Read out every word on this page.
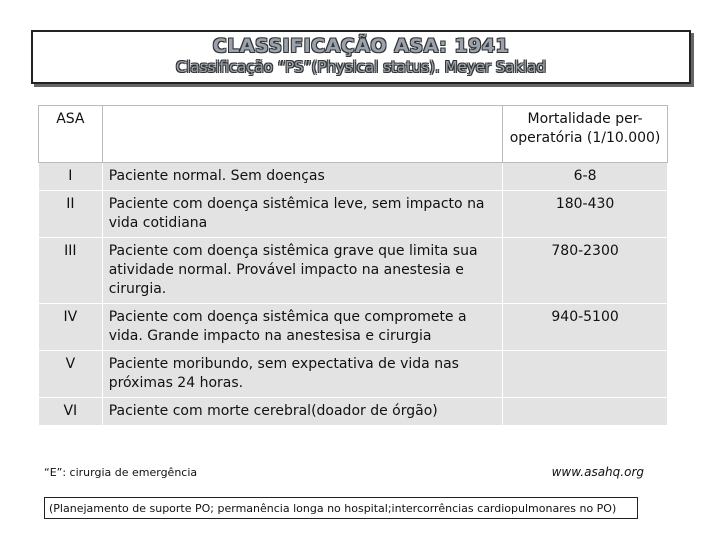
CLASSIFICAÇÃO ASA: 1941
Classificação “PS”(Physical status). Meyer Saklad
ASA		Mortalidade per-operatória (1/10.000)
I	Paciente normal. Sem doenças	6-8
II	Paciente com doença sistêmica leve, sem impacto na vida cotidiana	180-430
III	Paciente com doença sistêmica grave que limita sua atividade normal. Provável impacto na anestesia e cirurgia.	780-2300
IV	Paciente com doença sistêmica que compromete a vida. Grande impacto na anestesisa e cirurgia	940-5100
V	Paciente moribundo, sem expectativa de vida nas próximas 24 horas.	
VI	Paciente com morte cerebral(doador de órgão)	
“E”: cirurgia de emergência	www.asahq.org
(Planejamento de suporte PO; permanência longa no hospital;intercorrências cardiopulmonares no PO)
